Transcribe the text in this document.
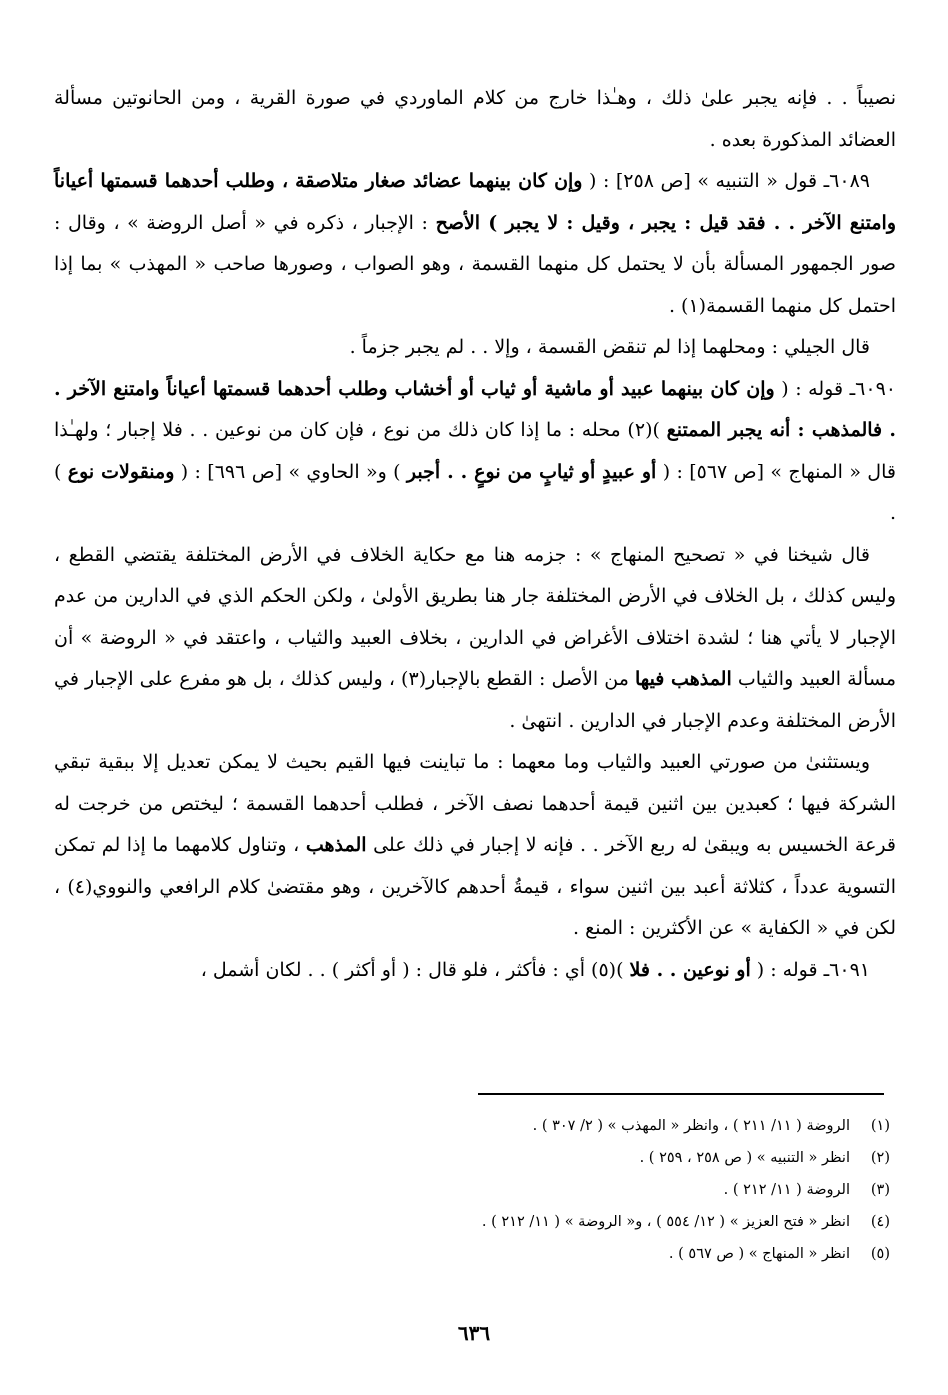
نصيباً . . فإنه يجبر علىٰ ذلك ، وهـٰذا خارج من كلام الماوردي في صورة القرية ، ومن الحانوتين مسألة العضائد المذكورة بعده .

٦٠٨٩ـ قول « التنبيه » [ص ٢٥٨] : ( وإن كان بينهما عضائد صغار متلاصقة ، وطلب أحدهما قسمتها أعياناً وامتنع الآخر . . فقد قيل : يجبر ، وقيل : لا يجبر ) الأصح : الإجبار ، ذكره في « أصل الروضة » ، وقال : صور الجمهور المسألة بأن لا يحتمل كل منهما القسمة ، وهو الصواب ، وصورها صاحب « المهذب » بما إذا احتمل كل منهما القسمة(١) .

قال الجيلي : ومحلهما إذا لم تنقض القسمة ، وإلا . . لم يجبر جزماً .

٦٠٩٠ـ قوله : ( وإن كان بينهما عبيد أو ماشية أو ثياب أو أخشاب وطلب أحدهما قسمتها أعياناً وامتنع الآخر . . فالمذهب : أنه يجبر الممتنع )(٢) محله : ما إذا كان ذلك من نوع ، فإن كان من نوعين . . فلا إجبار ؛ ولهـٰذا قال « المنهاج » [ص ٥٦٧] : ( أو عبيدٍ أو ثيابٍ من نوعٍ . . أجبر ) و« الحاوي » [ص ٦٩٦] : ( ومنقولات نوع ) .

قال شيخنا في « تصحيح المنهاج » : جزمه هنا مع حكاية الخلاف في الأرض المختلفة يقتضي القطع ، وليس كذلك ، بل الخلاف في الأرض المختلفة جار هنا بطريق الأولىٰ ، ولكن الحكم الذي في الدارين من عدم الإجبار لا يأتي هنا ؛ لشدة اختلاف الأغراض في الدارين ، بخلاف العبيد والثياب ، واعتقد في « الروضة » أن مسألة العبيد والثياب المذهب فيها من الأصل : القطع بالإجبار(٣) ، وليس كذلك ، بل هو مفرع على الإجبار في الأرض المختلفة وعدم الإجبار في الدارين . انتهىٰ .

ويستثنىٰ من صورتي العبيد والثياب وما معهما : ما تباينت فيها القيم بحيث لا يمكن تعديل إلا ببقية تبقي الشركة فيها ؛ كعبدين بين اثنين قيمة أحدهما نصف الآخر ، فطلب أحدهما القسمة ؛ ليختص من خرجت له قرعة الخسيس به ويبقىٰ له ربع الآخر . . فإنه لا إجبار في ذلك على المذهب ، وتناول كلامهما ما إذا لم تمكن التسوية عدداً ، كثلاثة أعبد بين اثنين سواء ، قيمةُ أحدهم كالآخرين ، وهو مقتضىٰ كلام الرافعي والنووي(٤) ، لكن في « الكفاية » عن الأكثرين : المنع .

٦٠٩١ـ قوله : ( أو نوعين . . فلا )(٥) أي : فأكثر ، فلو قال : ( أو أكثر ) . . لكان أشمل ،

(١)الروضة ( ١١/ ٢١١ ) ، وانظر « المهذب » ( ٢/ ٣٠٧ ) .
(٢)انظر « التنبيه » ( ص ٢٥٨ ، ٢٥٩ ) .
(٣)الروضة ( ١١/ ٢١٢ ) .
(٤)انظر « فتح العزيز » ( ١٢/ ٥٥٤ ) ، و« الروضة » ( ١١/ ٢١٢ ) .
(٥)انظر « المنهاج » ( ص ٥٦٧ ) .
٦٣٦
